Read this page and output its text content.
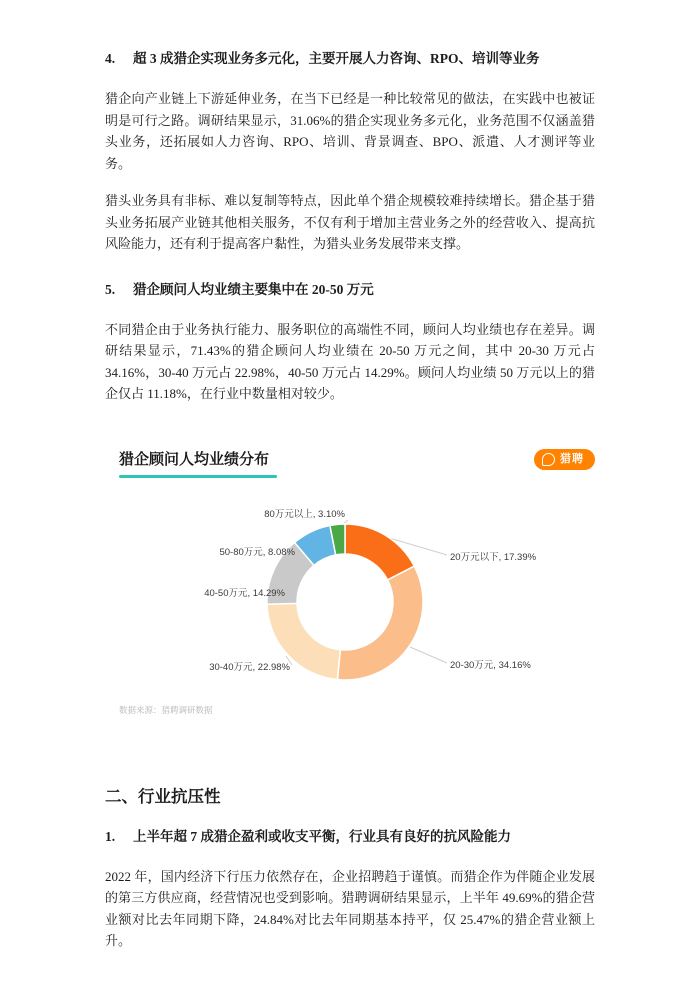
4.	超 3 成猎企实现业务多元化，主要开展人力咨询、RPO、培训等业务

猎企向产业链上下游延伸业务，在当下已经是一种比较常见的做法，在实践中也被证明是可行之路。调研结果显示，31.06%的猎企实现业务多元化，业务范围不仅涵盖猎头业务，还拓展如人力咨询、RPO、培训、背景调查、BPO、派遣、人才测评等业务。

猎头业务具有非标、难以复制等特点，因此单个猎企规模较难持续增长。猎企基于猎头业务拓展产业链其他相关服务，不仅有利于增加主营业务之外的经营收入、提高抗风险能力，还有利于提高客户黏性，为猎头业务发展带来支撑。

5.	猎企顾问人均业绩主要集中在 20-50 万元

不同猎企由于业务执行能力、服务职位的高端性不同，顾问人均业绩也存在差异。调研结果显示，71.43%的猎企顾问人均业绩在 20-50 万元之间，其中 20-30 万元占 34.16%，30-40 万元占 22.98%，40-50 万元占 14.29%。顾问人均业绩 50 万元以上的猎企仅占 11.18%，在行业中数量相对较少。

猎企顾问人均业绩分布	猎聘
80万元以上, 3.10%
50-80万元, 8.08%
40-50万元, 14.29%
30-40万元, 22.98%
20万元以下, 17.39%
20-30万元, 34.16%
数据来源：猎聘调研数据
二、行业抗压性
1.	上半年超 7 成猎企盈利或收支平衡，行业具有良好的抗风险能力

2022 年，国内经济下行压力依然存在，企业招聘趋于谨慎。而猎企作为伴随企业发展的第三方供应商，经营情况也受到影响。猎聘调研结果显示，上半年 49.69%的猎企营业额对比去年同期下降，24.84%对比去年同期基本持平，仅 25.47%的猎企营业额上升。
